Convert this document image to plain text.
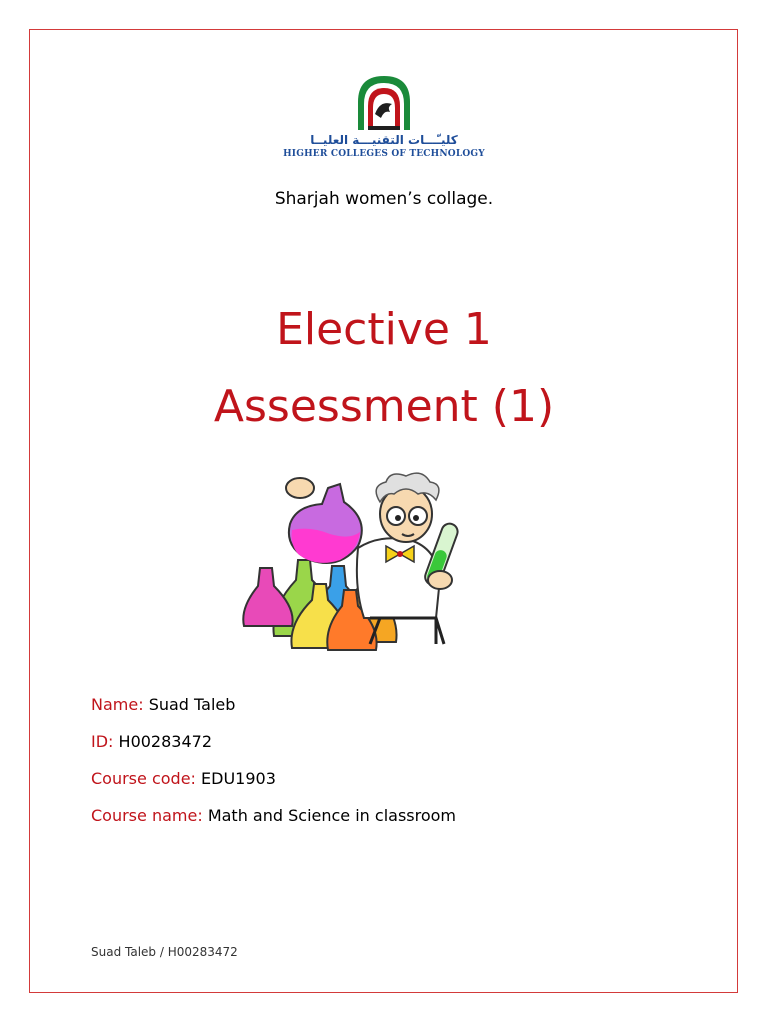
كليـّـــات التقنيـــة العليــا
HIGHER COLLEGES OF TECHNOLOGY
Sharjah women’s collage.
Elective 1
Assessment (1)
Name: Suad Taleb
ID: H00283472
Course code: EDU1903
Course name: Math and Science in classroom
Suad Taleb / H00283472
